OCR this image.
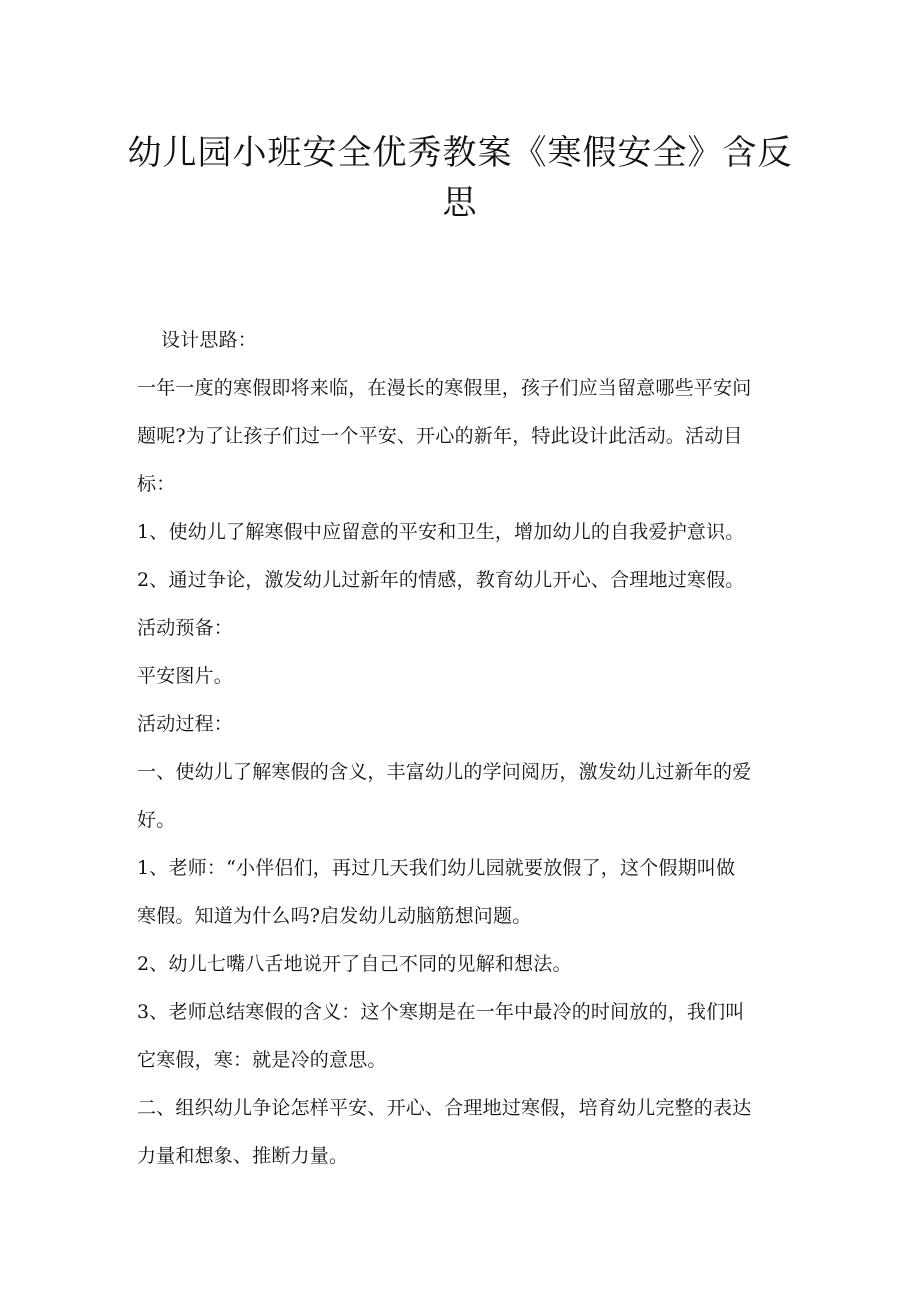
幼儿园小班安全优秀教案《寒假安全》含反
思

设计思路：

一年一度的寒假即将来临，在漫长的寒假里，孩子们应当留意哪些平安问

题呢?为了让孩子们过一个平安、开心的新年，特此设计此活动。活动目

标：

1、使幼儿了解寒假中应留意的平安和卫生，增加幼儿的自我爱护意识。

2、通过争论，激发幼儿过新年的情感，教育幼儿开心、合理地过寒假。

活动预备：

平安图片。

活动过程：

一、使幼儿了解寒假的含义，丰富幼儿的学问阅历，激发幼儿过新年的爱

好。

1、老师：“小伴侣们，再过几天我们幼儿园就要放假了，这个假期叫做

寒假。知道为什么吗?启发幼儿动脑筋想问题。

2、幼儿七嘴八舌地说开了自己不同的见解和想法。

3、老师总结寒假的含义：这个寒期是在一年中最冷的时间放的，我们叫

它寒假，寒：就是冷的意思。

二、组织幼儿争论怎样平安、开心、合理地过寒假，培育幼儿完整的表达

力量和想象、推断力量。
